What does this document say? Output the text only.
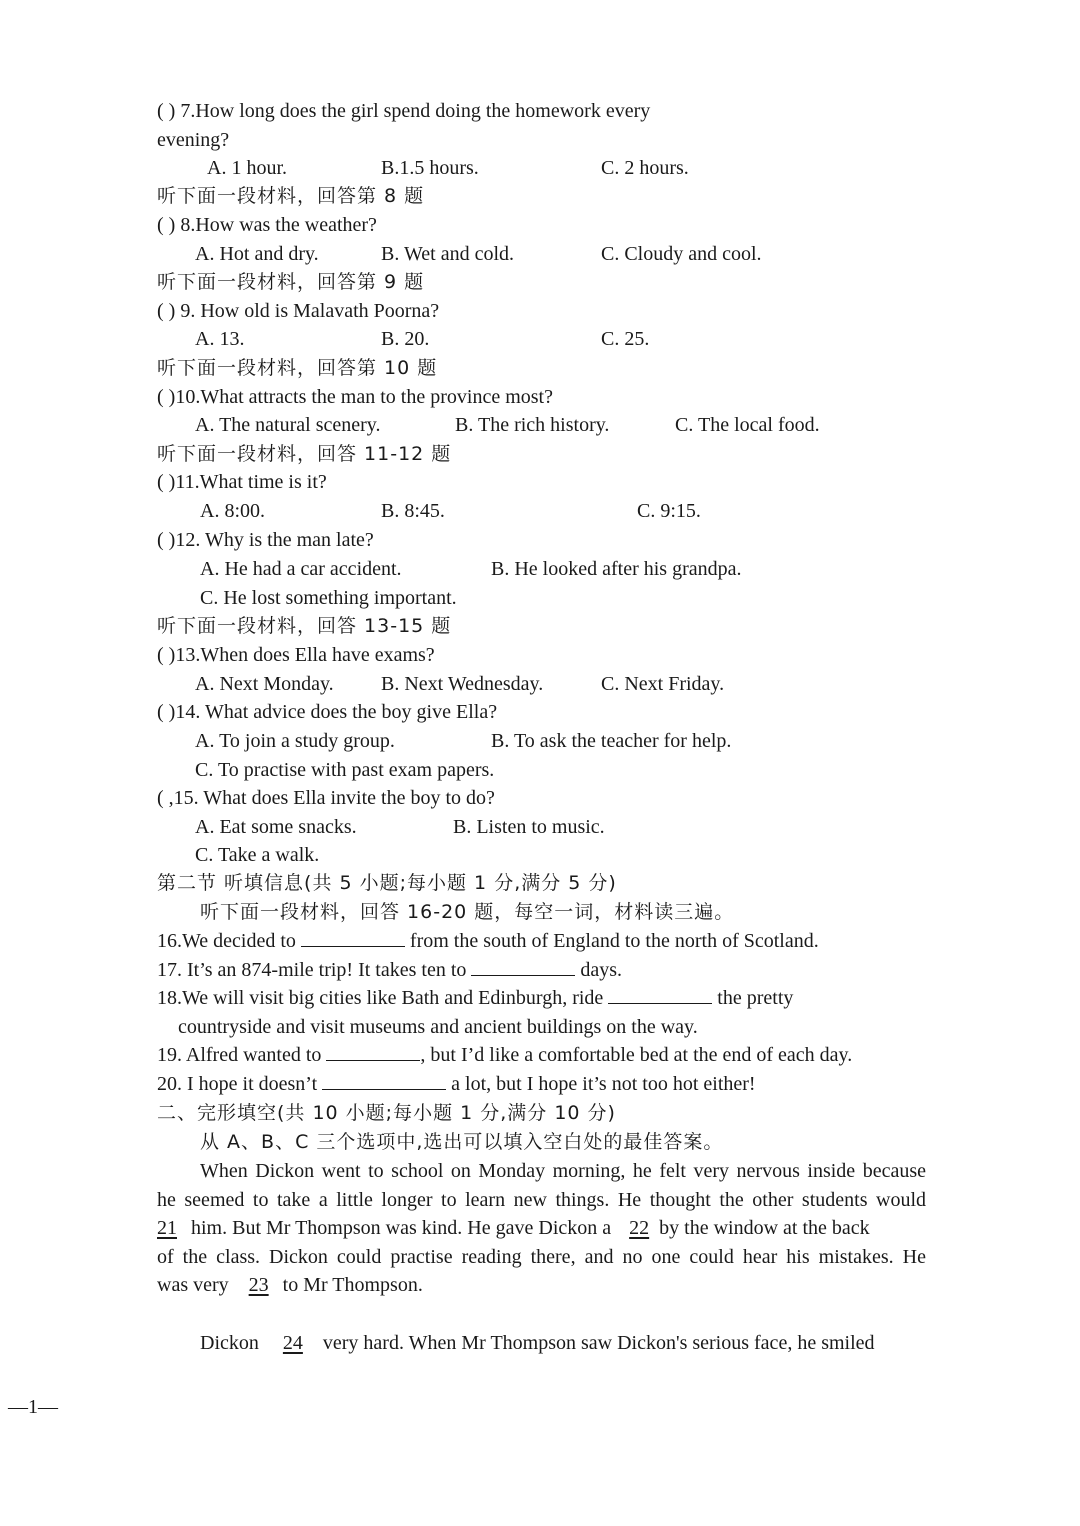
( ) 7.How long does the girl spend doing the homework every
evening?
A. 1 hour.	B.1.5 hours.	C. 2 hours.
听下面一段材料，回答第 8 题
( ) 8.How was the weather?
A. Hot and dry.	B. Wet and cold.	C. Cloudy and cool.
听下面一段材料，回答第 9 题
( ) 9. How old is Malavath Poorna?
A. 13.	B. 20.	C. 25.
听下面一段材料，回答第 10 题
( )10.What attracts the man to the province most?
A. The natural scenery.	B. The rich history.	C. The local food.
听下面一段材料，回答 11-12 题
( )11.What time is it?
A. 8:00.	B. 8:45.	C. 9:15.
( )12. Why is the man late?
A. He had a car accident.	B. He looked after his grandpa.
C. He lost something important.
听下面一段材料，回答 13-15 题
( )13.When does Ella have exams?
A. Next Monday. B. Next Wednesday.	C. Next Friday.
( )14. What advice does the boy give Ella?
A. To join a study group.	B. To ask the teacher for help.
C. To practise with past exam papers.
( ,15. What does Ella invite the boy to do?
A. Eat some snacks.	B. Listen to music.
C. Take a walk.
第二节 听填信息(共 5 小题;每小题 1 分,满分 5 分)
听下面一段材料，回答 16-20 题，每空一词，材料读三遍。
16.We decided to	from the south of England to the north of Scotland.
17. It’s an 874-mile trip! It takes ten to	days.
18.We will visit big cities like Bath and Edinburgh, ride	the pretty
countryside and visit museums and ancient buildings on the way.
19. Alfred wanted to	, but I’d like a comfortable bed at the end of each day.
20. I hope it doesn’t	a lot, but I hope it’s not too hot either!
二、完形填空(共 10 小题;每小题 1 分,满分 10 分)
从 A、B、C 三个选项中,选出可以填入空白处的最佳答案。
When Dickon went to school on Monday morning, he felt very nervous inside because
he seemed to take a little longer to learn new things. He thought the other students would
21 him. But Mr Thompson was kind. He gave Dickon a 22 by the window at the back
of the class. Dickon could practise reading there, and no one could hear his mistakes. He
was very 23 to Mr Thompson.
Dickon 24 very hard. When Mr Thompson saw Dickon's serious face, he smiled
—1—
